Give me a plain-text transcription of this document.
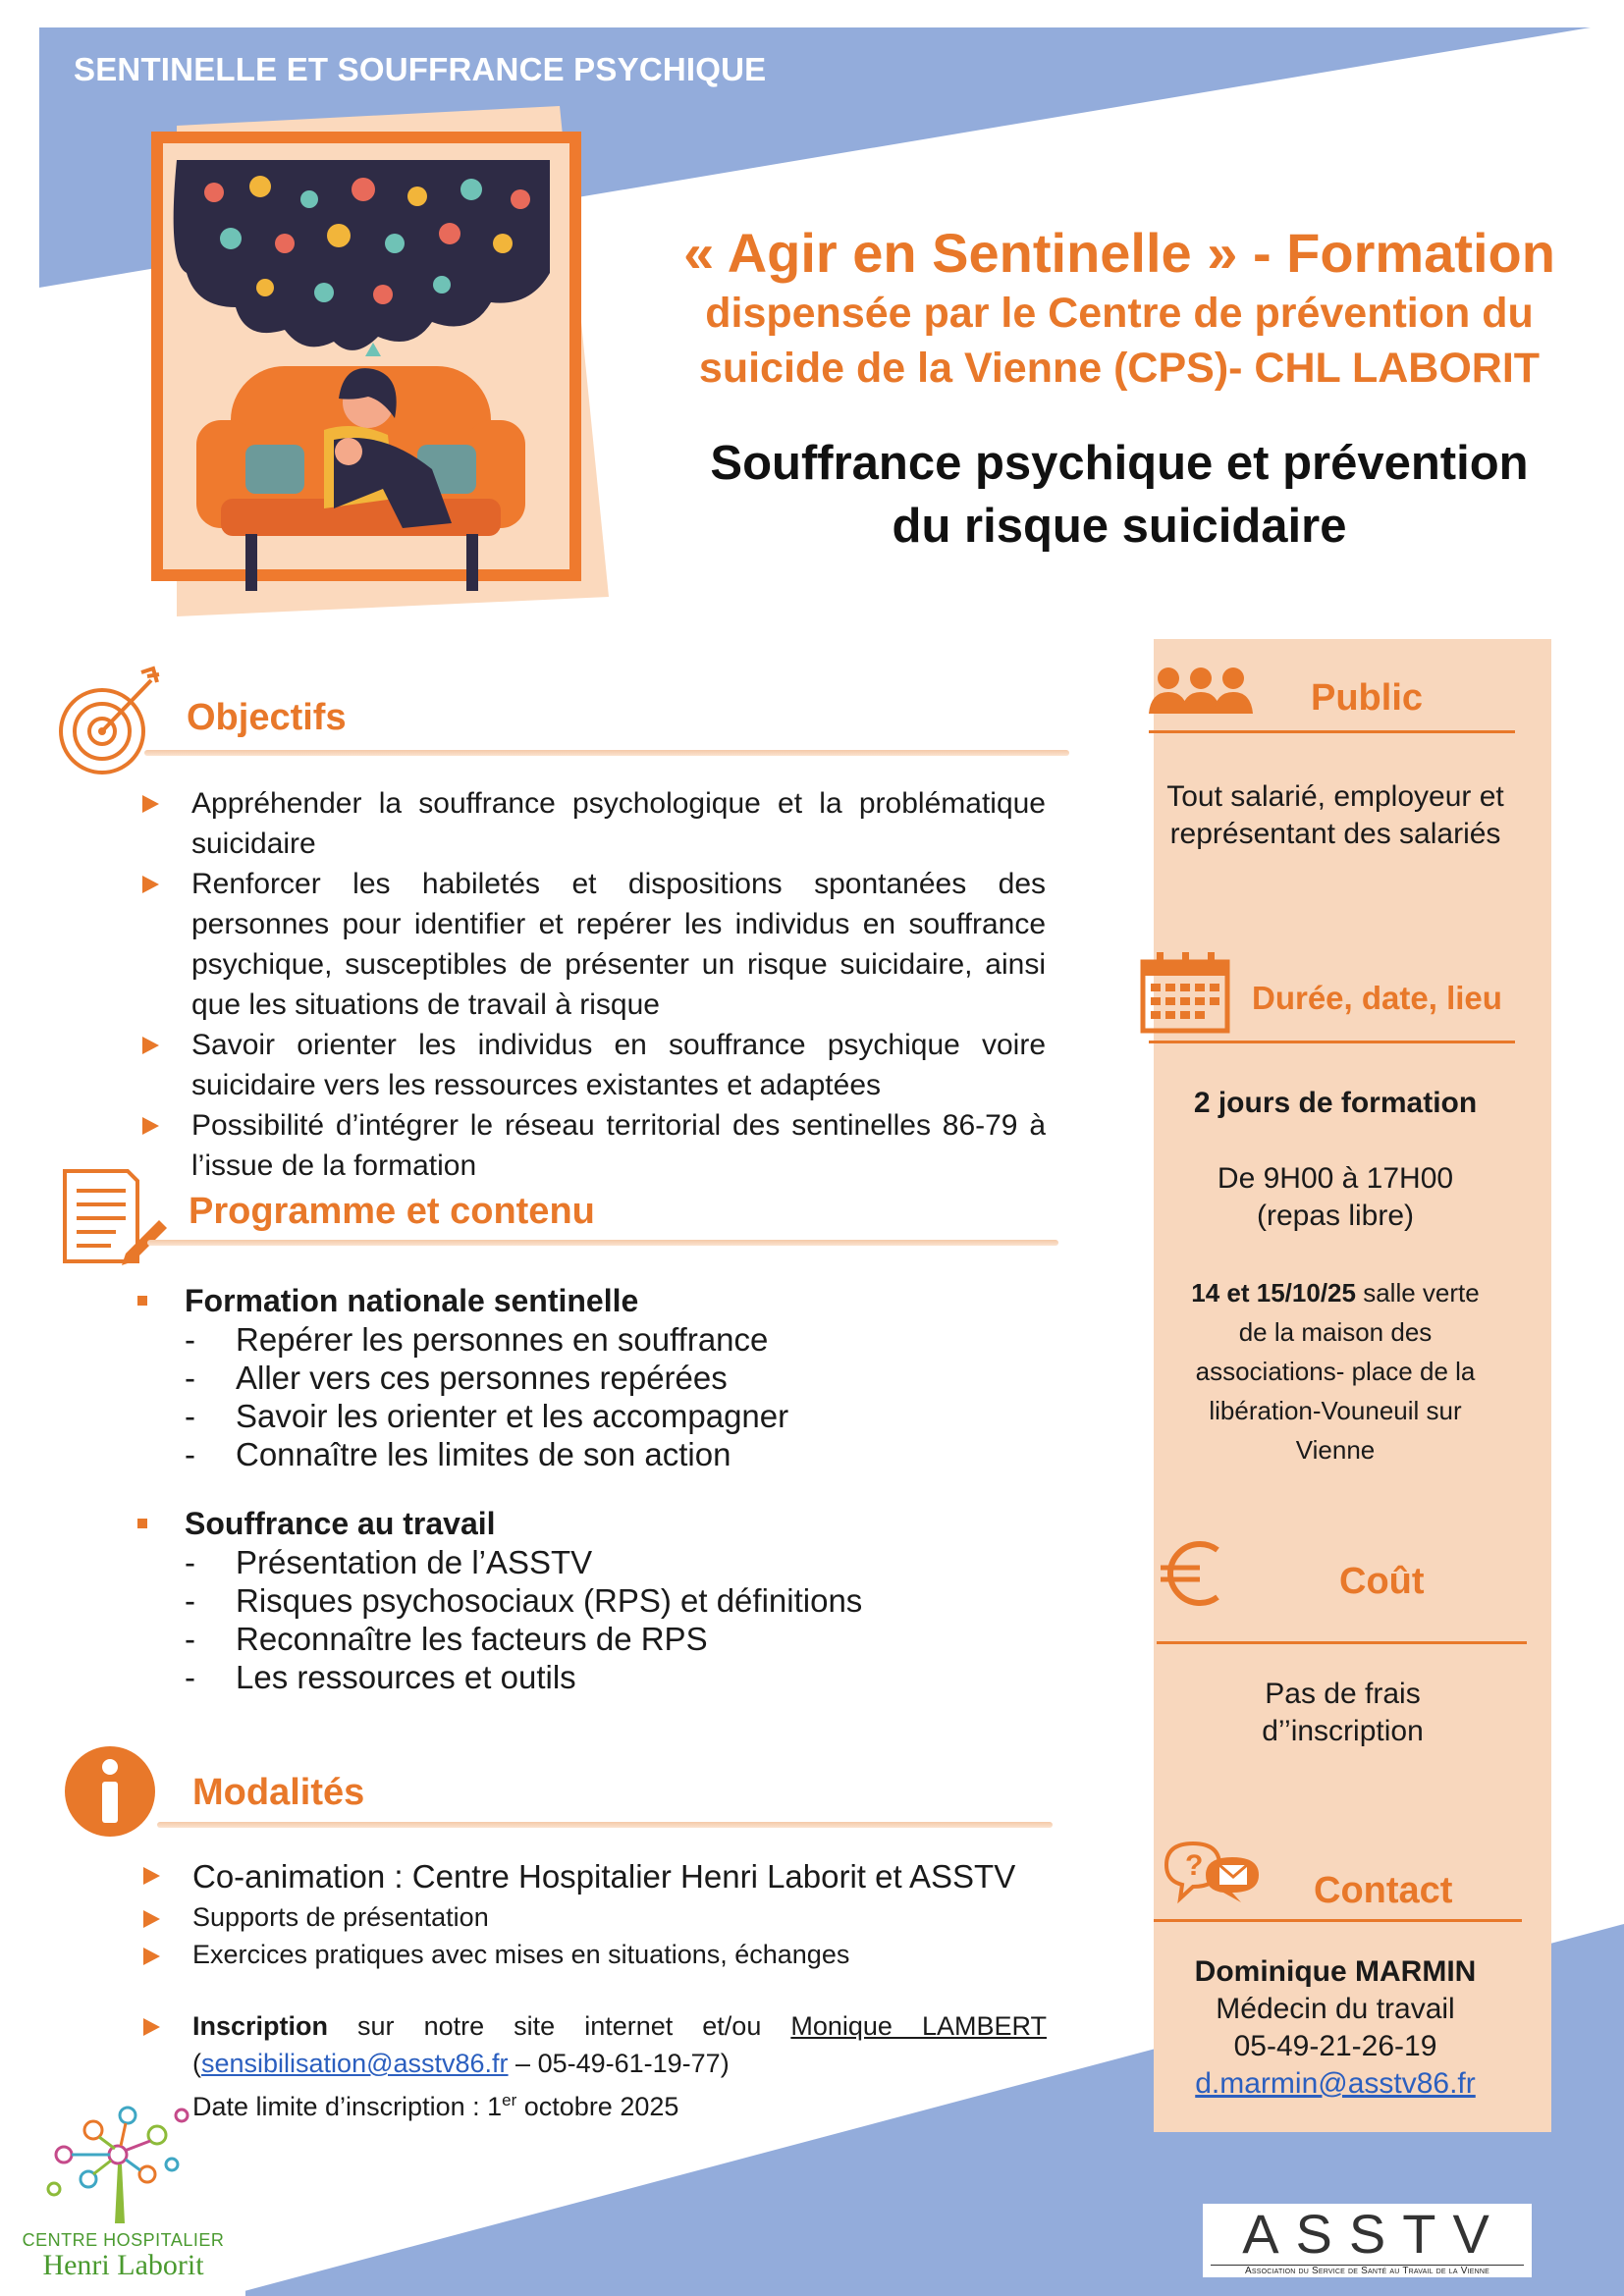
SENTINELLE ET SOUFFRANCE PSYCHIQUE
« Agir en Sentinelle » - Formation
dispensée par le Centre de prévention du
suicide de la Vienne (CPS)- CHL LABORIT
Souffrance psychique et prévention
du risque suicidaire
Objectifs
Appréhender la souffrance psychologique et la problématique suicidaire
Renforcer les habiletés et dispositions spontanées des personnes pour identifier et repérer les individus en souffrance psychique, susceptibles de présenter un risque suicidaire, ainsi que les situations de travail à risque
Savoir orienter les individus en souffrance psychique voire suicidaire vers les ressources existantes et adaptées
Possibilité d’intégrer le réseau territorial des sentinelles 86-79 à l’issue de la formation
Programme et contenu
Formation nationale sentinelle
- Repérer les personnes en souffrance
- Aller vers ces personnes repérées
- Savoir les orienter et les accompagner
- Connaître les limites de son action
Souffrance au travail
- Présentation de l’ASSTV
- Risques psychosociaux (RPS) et définitions
- Reconnaître les facteurs de RPS
- Les ressources et outils
Modalités
Co-animation : Centre Hospitalier Henri Laborit et ASSTV
Supports de présentation
Exercices pratiques avec mises en situations, échanges
Inscription sur notre site internet et/ou Monique LAMBERT
(sensibilisation@asstv86.fr – 05-49-61-19-77)
Date limite d’inscription : 1er octobre 2025
Public
Tout salarié, employeur et
représentant des salariés
Durée, date, lieu
2 jours de formation
De 9H00 à 17H00
(repas libre)
14 et 15/10/25 salle verte
de la maison des
associations- place de la
libération-Vouneuil sur
Vienne
Coût
Pas de frais
d’’inscription
?
Contact
Dominique MARMIN
Médecin du travail
05-49-21-26-19
d.marmin@asstv86.fr
CENTRE HOSPITALIER
Henri Laborit
ASSTV
Association du Service de Santé au Travail de la Vienne
